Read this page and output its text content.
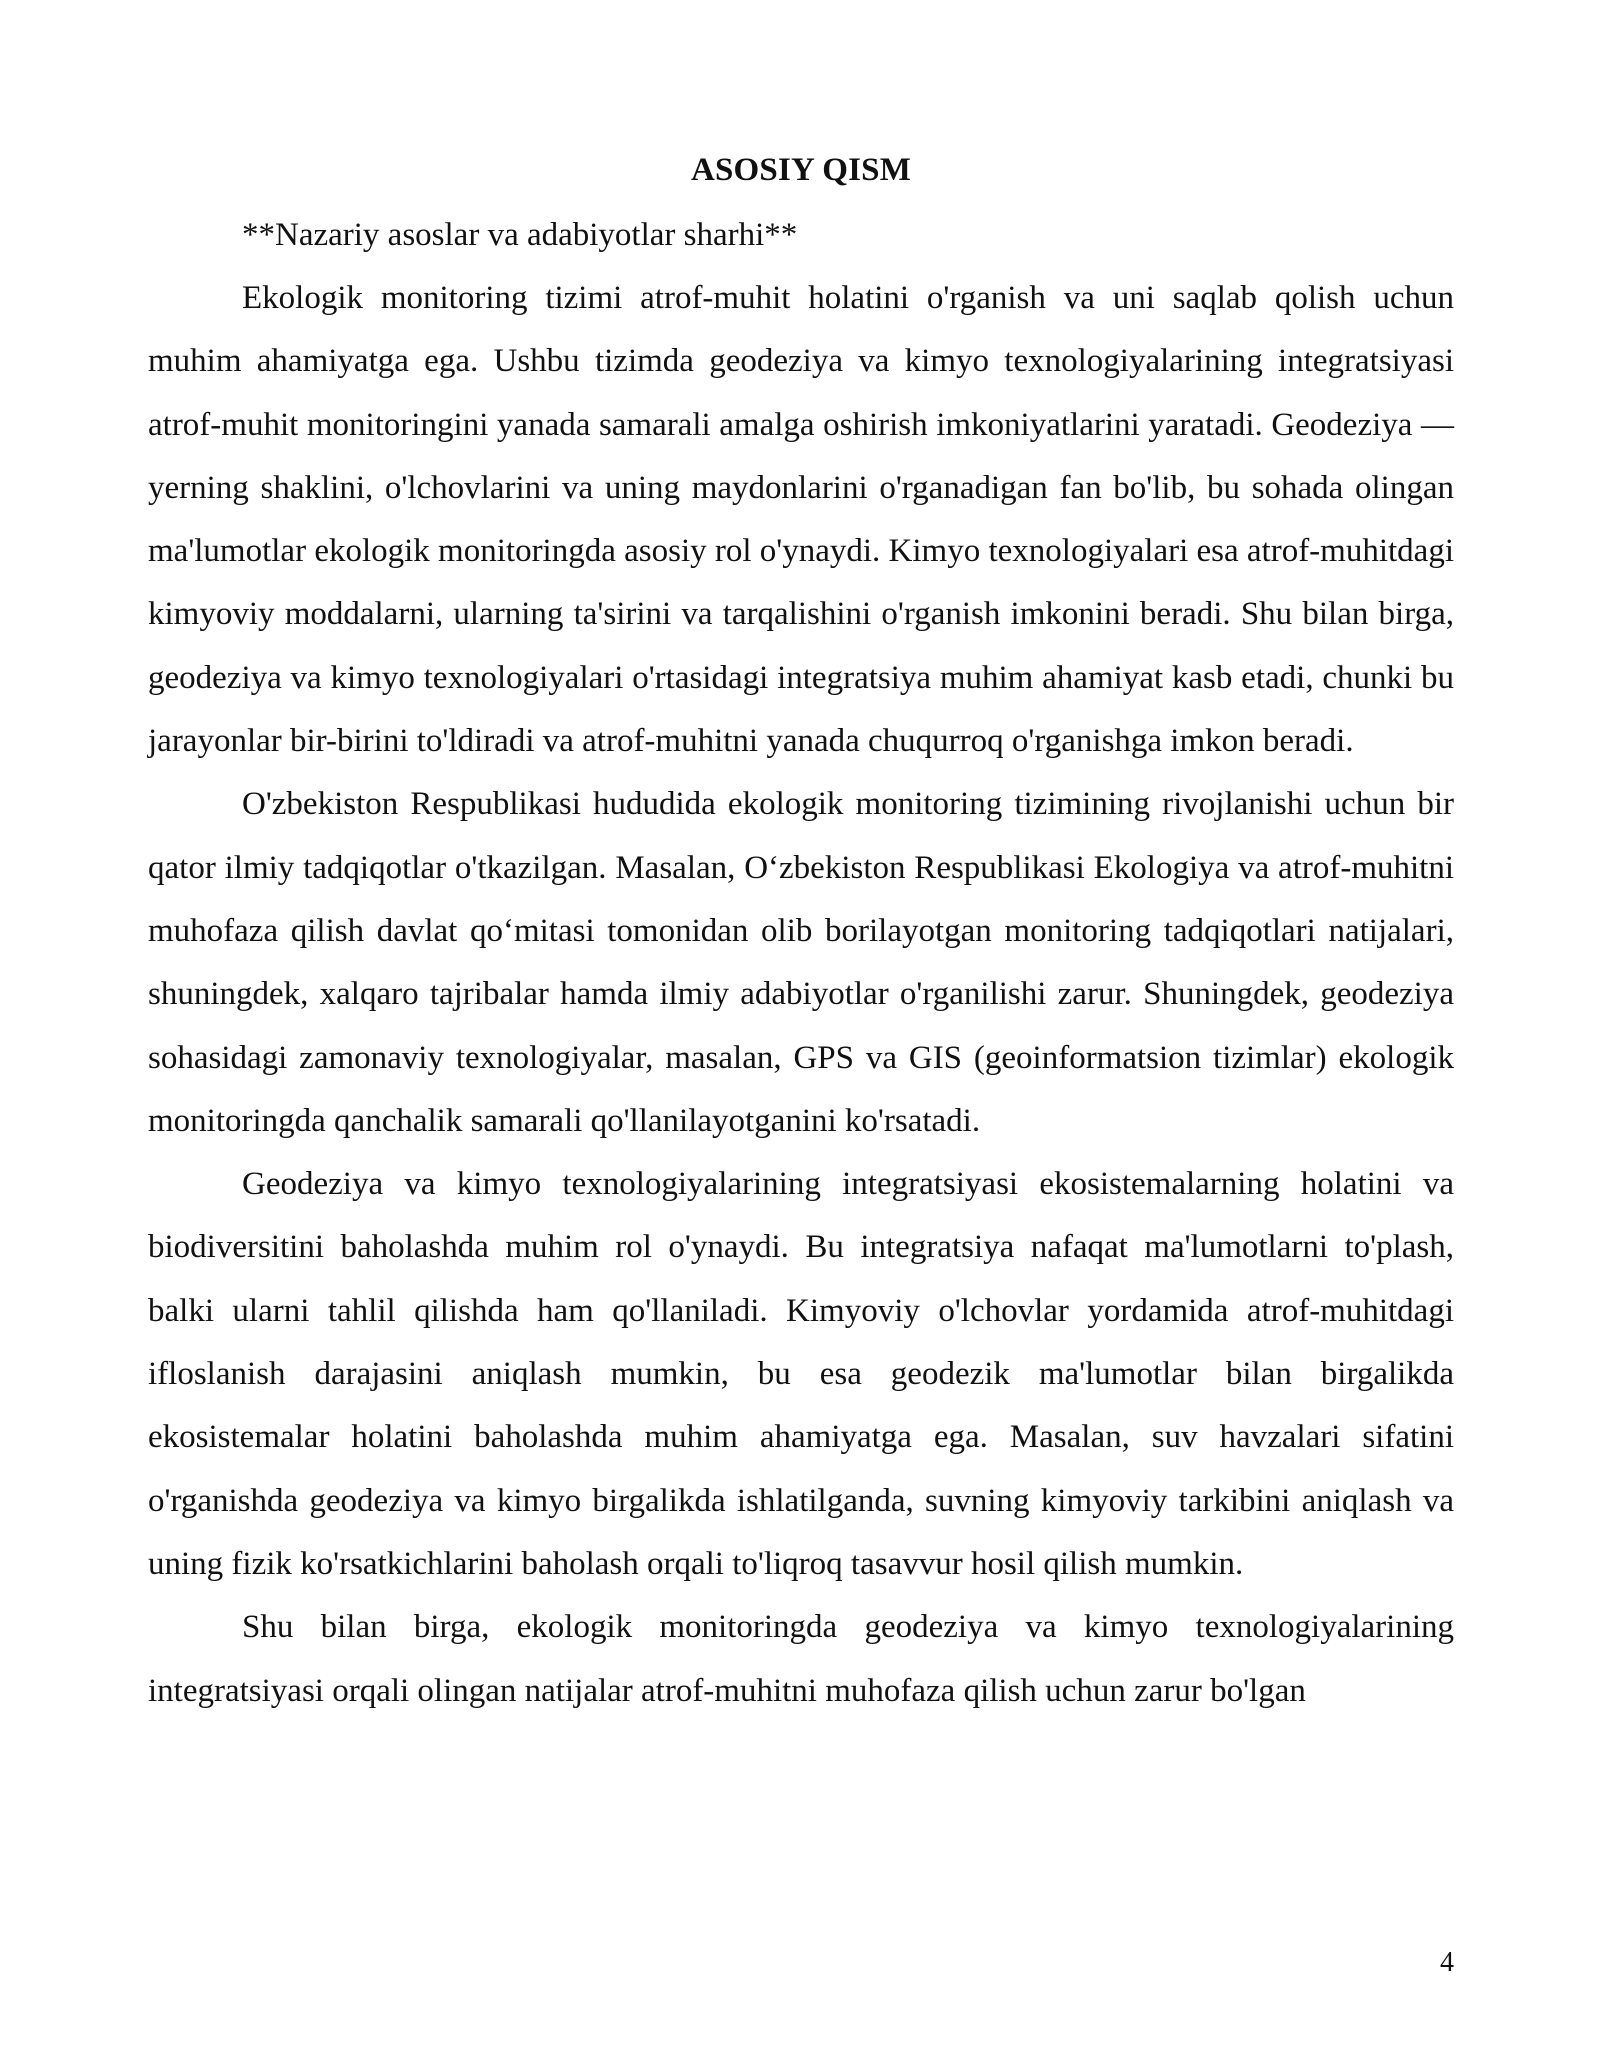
ASOSIY QISM

**Nazariy asoslar va adabiyotlar sharhi**

Ekologik monitoring tizimi atrof-muhit holatini o'rganish va uni saqlab qolish uchun muhim ahamiyatga ega. Ushbu tizimda geodeziya va kimyo texnologiyalarining integratsiyasi atrof-muhit monitoringini yanada samarali amalga oshirish imkoniyatlarini yaratadi. Geodeziya — yerning shaklini, o'lchovlarini va uning maydonlarini o'rganadigan fan bo'lib, bu sohada olingan ma'lumotlar ekologik monitoringda asosiy rol o'ynaydi. Kimyo texnologiyalari esa atrof-muhitdagi kimyoviy moddalarni, ularning ta'sirini va tarqalishini o'rganish imkonini beradi. Shu bilan birga, geodeziya va kimyo texnologiyalari o'rtasidagi integratsiya muhim ahamiyat kasb etadi, chunki bu jarayonlar bir-birini to'ldiradi va atrof-muhitni yanada chuqurroq o'rganishga imkon beradi.

O'zbekiston Respublikasi hududida ekologik monitoring tizimining rivojlanishi uchun bir qator ilmiy tadqiqotlar o'tkazilgan. Masalan, O‘zbekiston Respublikasi Ekologiya va atrof-muhitni muhofaza qilish davlat qo‘mitasi tomonidan olib borilayotgan monitoring tadqiqotlari natijalari, shuningdek, xalqaro tajribalar hamda ilmiy adabiyotlar o'rganilishi zarur. Shuningdek, geodeziya sohasidagi zamonaviy texnologiyalar, masalan, GPS va GIS (geoinformatsion tizimlar) ekologik monitoringda qanchalik samarali qo'llanilayotganini ko'rsatadi.

Geodeziya va kimyo texnologiyalarining integratsiyasi ekosistemalarning holatini va biodiversitini baholashda muhim rol o'ynaydi. Bu integratsiya nafaqat ma'lumotlarni to'plash, balki ularni tahlil qilishda ham qo'llaniladi. Kimyoviy o'lchovlar yordamida atrof-muhitdagi ifloslanish darajasini aniqlash mumkin, bu esa geodezik ma'lumotlar bilan birgalikda ekosistemalar holatini baholashda muhim ahamiyatga ega. Masalan, suv havzalari sifatini o'rganishda geodeziya va kimyo birgalikda ishlatilganda, suvning kimyoviy tarkibini aniqlash va uning fizik ko'rsatkichlarini baholash orqali to'liqroq tasavvur hosil qilish mumkin.

Shu bilan birga, ekologik monitoringda geodeziya va kimyo texnologiyalarining integratsiyasi orqali olingan natijalar atrof-muhitni muhofaza qilish uchun zarur bo'lgan

4
